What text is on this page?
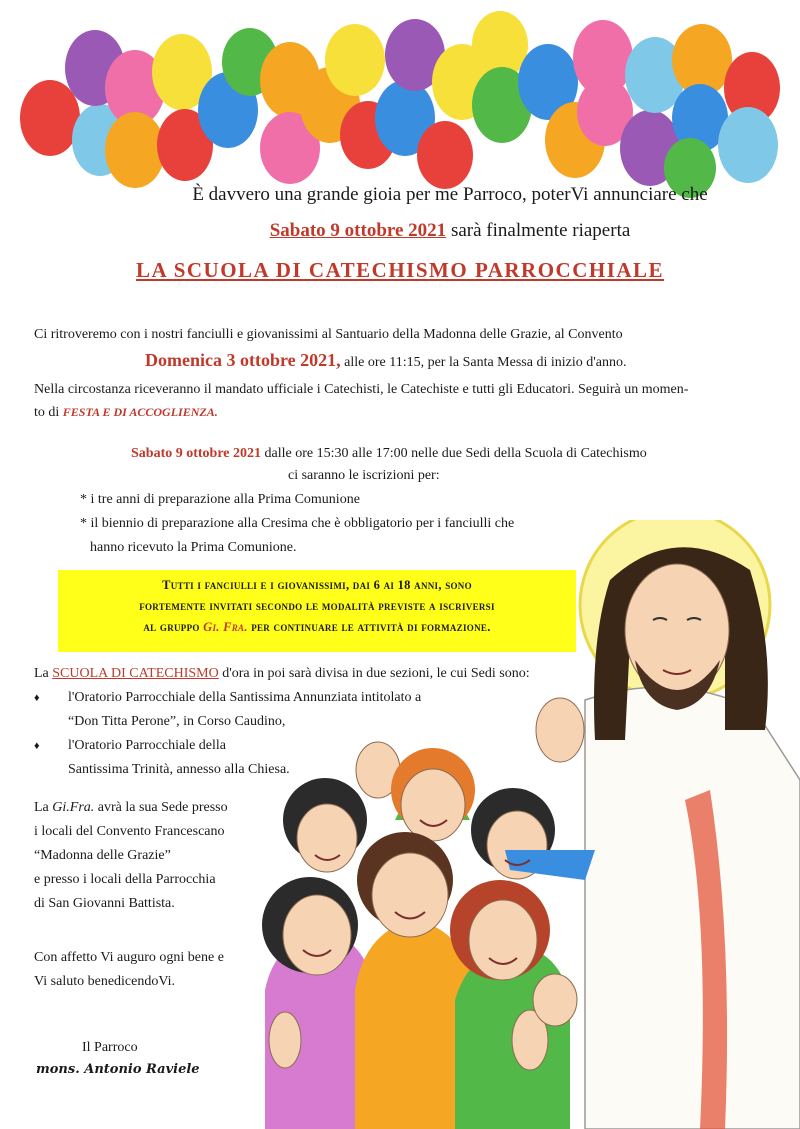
È davvero una grande gioia per me Parroco, poterVi annunciare che
Sabato 9 ottobre 2021 sarà finalmente riaperta
LA SCUOLA DI CATECHISMO PARROCCHIALE
Ci ritroveremo con i nostri fanciulli e giovanissimi al Santuario della Madonna delle Grazie, al Convento
Domenica 3 ottobre 2021, alle ore 11:15, per la Santa Messa di inizio d'anno.
Nella circostanza riceveranno il mandato ufficiale i Catechisti, le Catechiste e tutti gli Educatori. Seguirà un momen-
to di FESTA E DI ACCOGLIENZA.
Sabato 9 ottobre 2021 dalle ore 15:30 alle 17:00 nelle due Sedi della Scuola di Catechismo
ci saranno le iscrizioni per:
* i tre anni di preparazione alla Prima Comunione
* il biennio di preparazione alla Cresima che è obbligatorio per i fanciulli che
hanno ricevuto la Prima Comunione.
Tutti i fanciulli e i giovanissimi, dai 6 ai 18 anni, sono
fortemente invitati secondo le modalità previste a iscriversi
al gruppo Gi. Fra. per continuare le attività di formazione.
La SCUOLA DI CATECHISMO d'ora in poi sarà divisa in due sezioni, le cui Sedi sono:
♦	l'Oratorio Parrocchiale della Santissima Annunziata intitolato a
“Don Titta Perone”, in Corso Caudino,
♦	l'Oratorio Parrocchiale della
Santissima Trinità, annesso alla Chiesa.
La Gi.Fra. avrà la sua Sede presso
i locali del Convento Francescano
“Madonna delle Grazie”
e presso i locali della Parrocchia
di San Giovanni Battista.
Con affetto Vi auguro ogni bene e
Vi saluto benedicendoVi.
Il Parroco
mons. Antonio Raviele
